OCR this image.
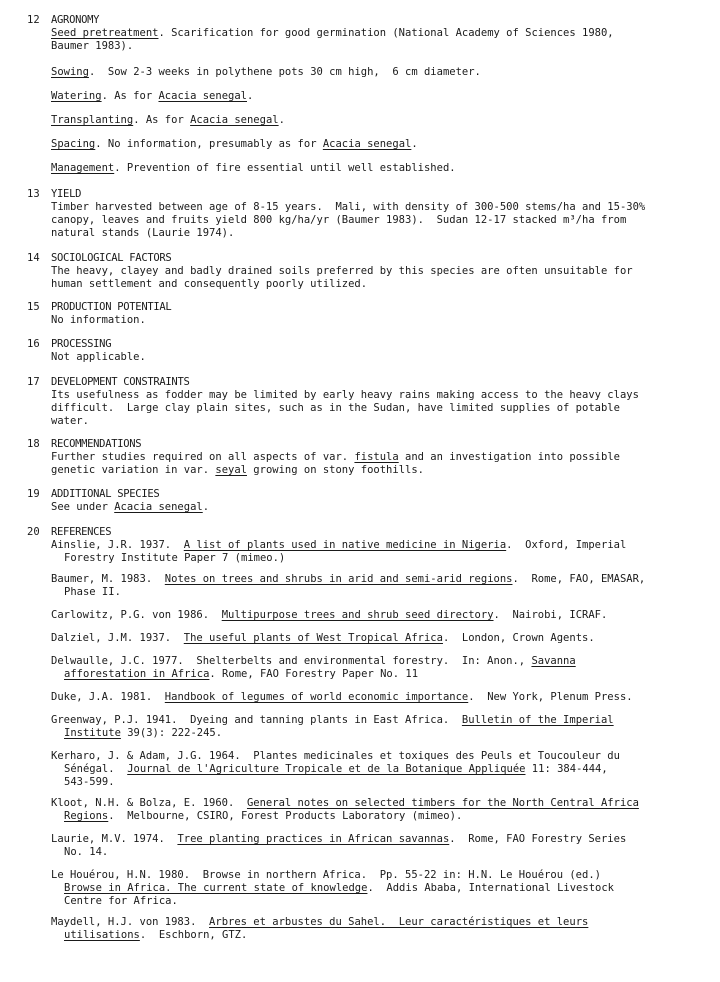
12 AGRONOMY
Seed pretreatment. Scarification for good germination (National Academy of Sciences 1980,
Baumer 1983).
Sowing.  Sow 2-3 weeks in polythene pots 30 cm high,  6 cm diameter.
Watering. As for Acacia senegal.
Transplanting. As for Acacia senegal.
Spacing. No information, presumably as for Acacia senegal.
Management. Prevention of fire essential until well established.
13 YIELD
Timber harvested between age of 8-15 years.  Mali, with density of 300-500 stems/ha and 15-30%
canopy, leaves and fruits yield 800 kg/ha/yr (Baumer 1983).  Sudan 12-17 stacked m³/ha from
natural stands (Laurie 1974).
14 SOCIOLOGICAL FACTORS
The heavy, clayey and badly drained soils preferred by this species are often unsuitable for
human settlement and consequently poorly utilized.
15 PRODUCTION POTENTIAL
No information.
16 PROCESSING
Not applicable.
17 DEVELOPMENT CONSTRAINTS
Its usefulness as fodder may be limited by early heavy rains making access to the heavy clays
difficult.  Large clay plain sites, such as in the Sudan, have limited supplies of potable
water.
18 RECOMMENDATIONS
Further studies required on all aspects of var. fistula and an investigation into possible
genetic variation in var. seyal growing on stony foothills.
19 ADDITIONAL SPECIES
See under Acacia senegal.
20 REFERENCES
Ainslie, J.R. 1937.  A list of plants used in native medicine in Nigeria.  Oxford, Imperial
Forestry Institute Paper 7 (mimeo.)
Baumer, M. 1983.  Notes on trees and shrubs in arid and semi-arid regions.  Rome, FAO, EMASAR,
Phase II.
Carlowitz, P.G. von 1986.  Multipurpose trees and shrub seed directory.  Nairobi, ICRAF.
Dalziel, J.M. 1937.  The useful plants of West Tropical Africa.  London, Crown Agents.
Delwaulle, J.C. 1977.  Shelterbelts and environmental forestry.  In: Anon., Savanna
afforestation in Africa. Rome, FAO Forestry Paper No. 11
Duke, J.A. 1981.  Handbook of legumes of world economic importance.  New York, Plenum Press.
Greenway, P.J. 1941.  Dyeing and tanning plants in East Africa.  Bulletin of the Imperial
Institute 39(3): 222-245.
Kerharo, J. & Adam, J.G. 1964.  Plantes medicinales et toxiques des Peuls et Toucouleur du
Sénégal.  Journal de l'Agriculture Tropicale et de la Botanique Appliquée 11: 384-444,
543-599.
Kloot, N.H. & Bolza, E. 1960.  General notes on selected timbers for the North Central Africa
Regions.  Melbourne, CSIRO, Forest Products Laboratory (mimeo).
Laurie, M.V. 1974.  Tree planting practices in African savannas.  Rome, FAO Forestry Series
No. 14.
Le Houérou, H.N. 1980.  Browse in northern Africa.  Pp. 55-22 in: H.N. Le Houérou (ed.)
Browse in Africa. The current state of knowledge.  Addis Ababa, International Livestock
Centre for Africa.
Maydell, H.J. von 1983.  Arbres et arbustes du Sahel.  Leur caractéristiques et leurs
utilisations.  Eschborn, GTZ.
